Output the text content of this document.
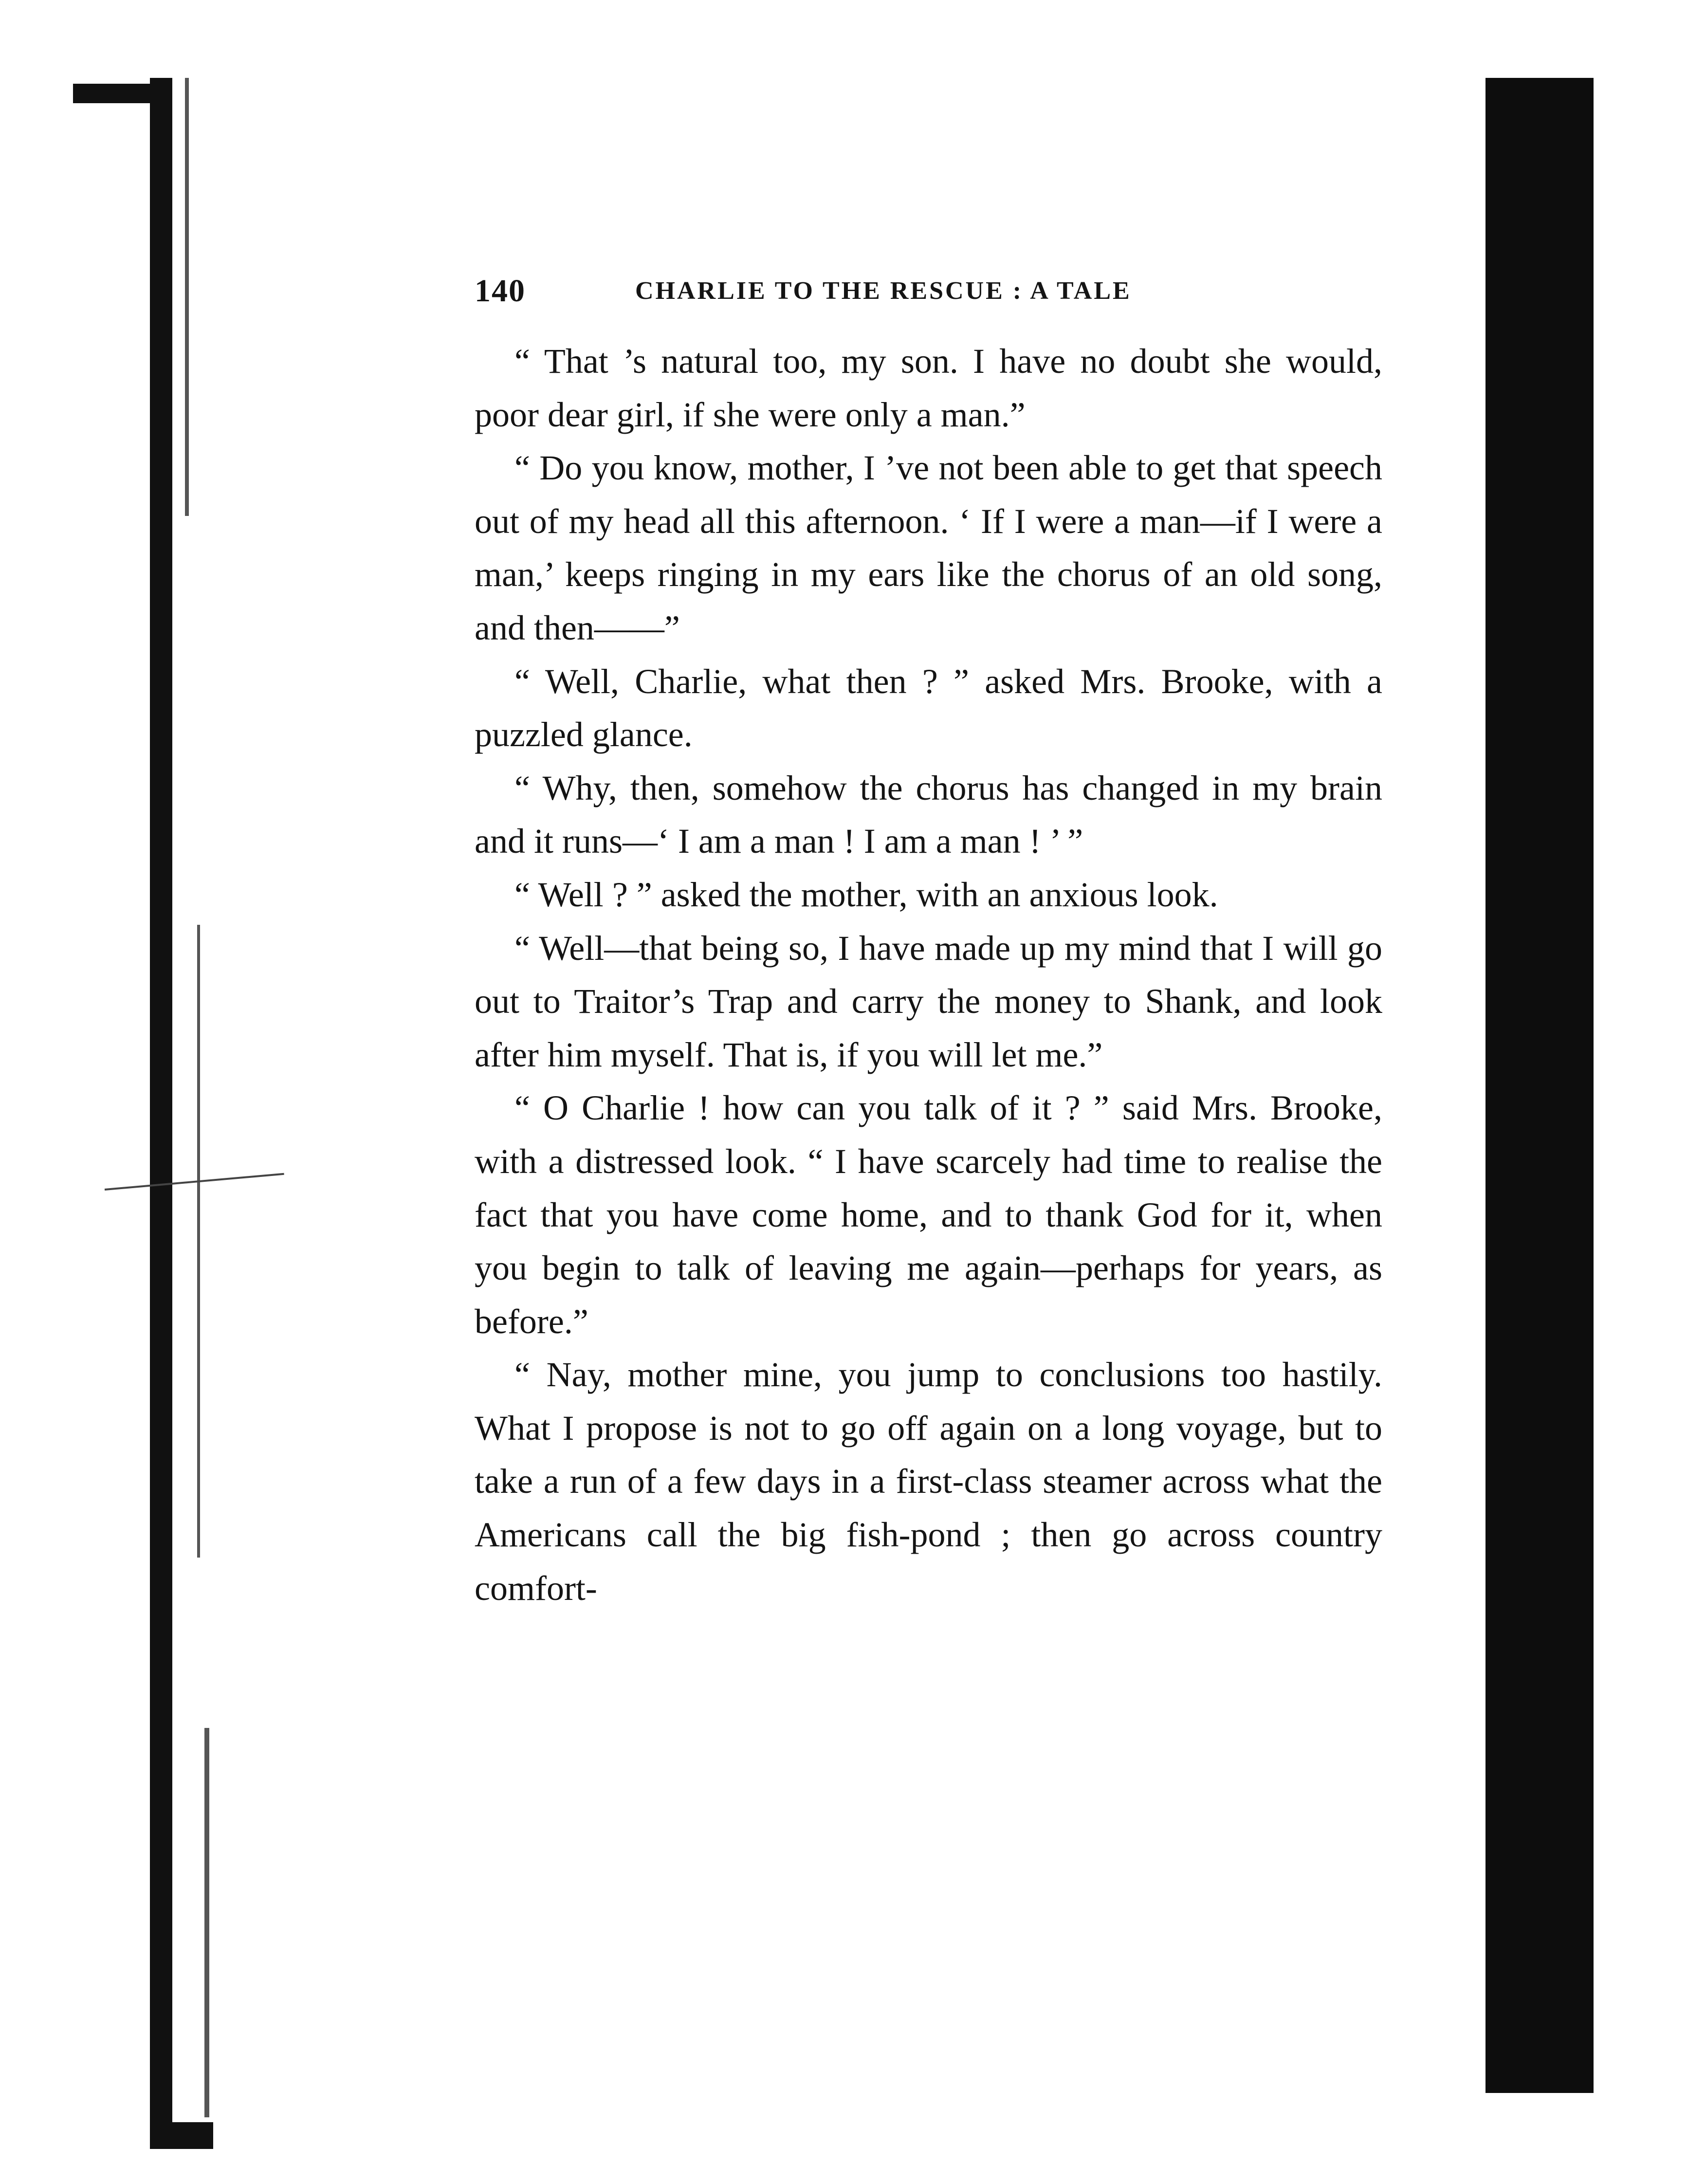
140	CHARLIE TO THE RESCUE : A TALE

“ That ’s natural too, my son. I have no doubt she would, poor dear girl, if she were only a man.”

“ Do you know, mother, I ’ve not been able to get that speech out of my head all this afternoon. ‘ If I were a man—if I were a man,’ keeps ringing in my ears like the chorus of an old song, and then——”

“ Well, Charlie, what then ? ” asked Mrs. Brooke, with a puzzled glance.

“ Why, then, somehow the chorus has changed in my brain and it runs—‘ I am a man ! I am a man ! ’ ”

“ Well ? ” asked the mother, with an anxious look.

“ Well—that being so, I have made up my mind that I will go out to Traitor’s Trap and carry the money to Shank, and look after him myself. That is, if you will let me.”

“ O Charlie ! how can you talk of it ? ” said Mrs. Brooke, with a distressed look. “ I have scarcely had time to realise the fact that you have come home, and to thank God for it, when you begin to talk of leaving me again—perhaps for years, as before.”

“ Nay, mother mine, you jump to conclusions too hastily. What I propose is not to go off again on a long voyage, but to take a run of a few days in a first-class steamer across what the Americans call the big fish-pond ; then go across country comfort-
